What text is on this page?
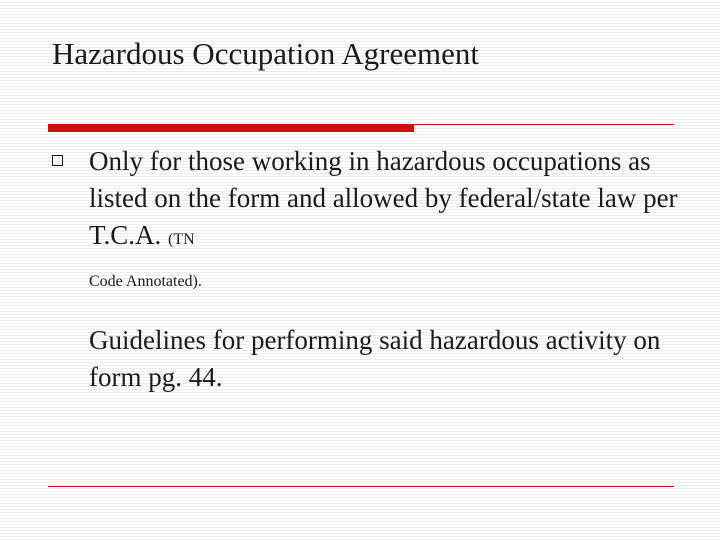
Hazardous Occupation Agreement
Only for those working in hazardous occupations as listed on the form and allowed by federal/state law per T.C.A. (TN
Code Annotated).
Guidelines for performing said hazardous activity on form pg. 44.
